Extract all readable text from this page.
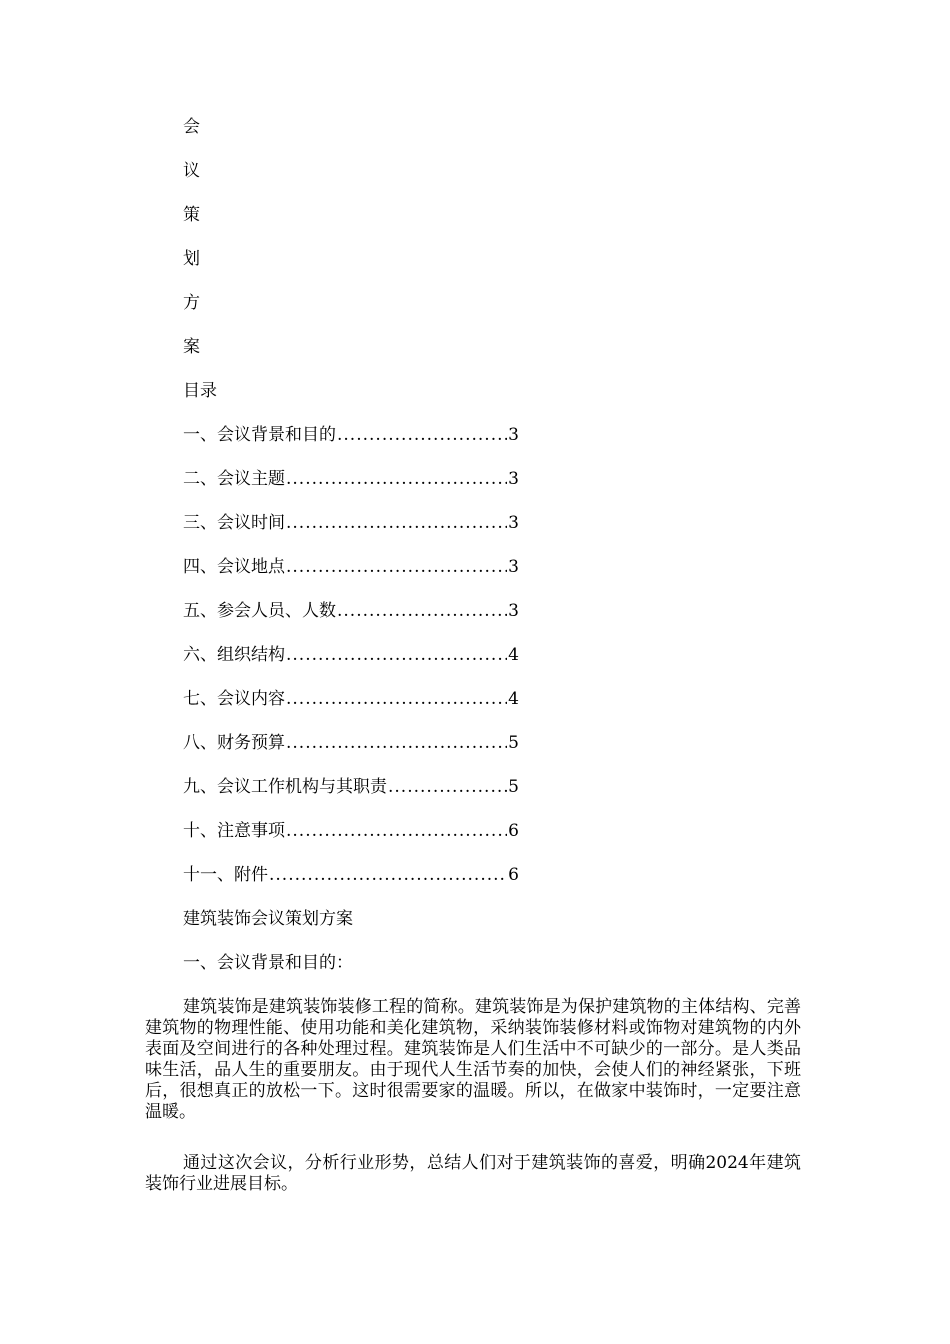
会
议
策
划
方
案
目录
一、会议背景和目的 .....	3
二、会议主题 .....	3
三、会议时间 .....	3
四、会议地点 .....	3
五、参会人员、人数 .....	3
六、组织结构 .....	4
七、会议内容 .....	4
八、财务预算 .....	5
九、会议工作机构与其职责 .....	5
十、注意事项 .....	6
十一、附件 .....	6
建筑装饰会议策划方案
一、会议背景和目的：
建筑装饰是建筑装饰装修工程的简称。建筑装饰是为保护建筑物的主体结构、完善建筑物的物理性能、使用功能和美化建筑物，采纳装饰装修材料或饰物对建筑物的内外表面及空间进行的各种处理过程。建筑装饰是人们生活中不可缺少的一部分。是人类品味生活，品人生的重要朋友。由于现代人生活节奏的加快，会使人们的神经紧张，下班后，很想真正的放松一下。这时很需要家的温暖。所以，在做家中装饰时，一定要注意温暖。
通过这次会议，分析行业形势，总结人们对于建筑装饰的喜爱，明确2024年建筑装饰行业进展目标。
